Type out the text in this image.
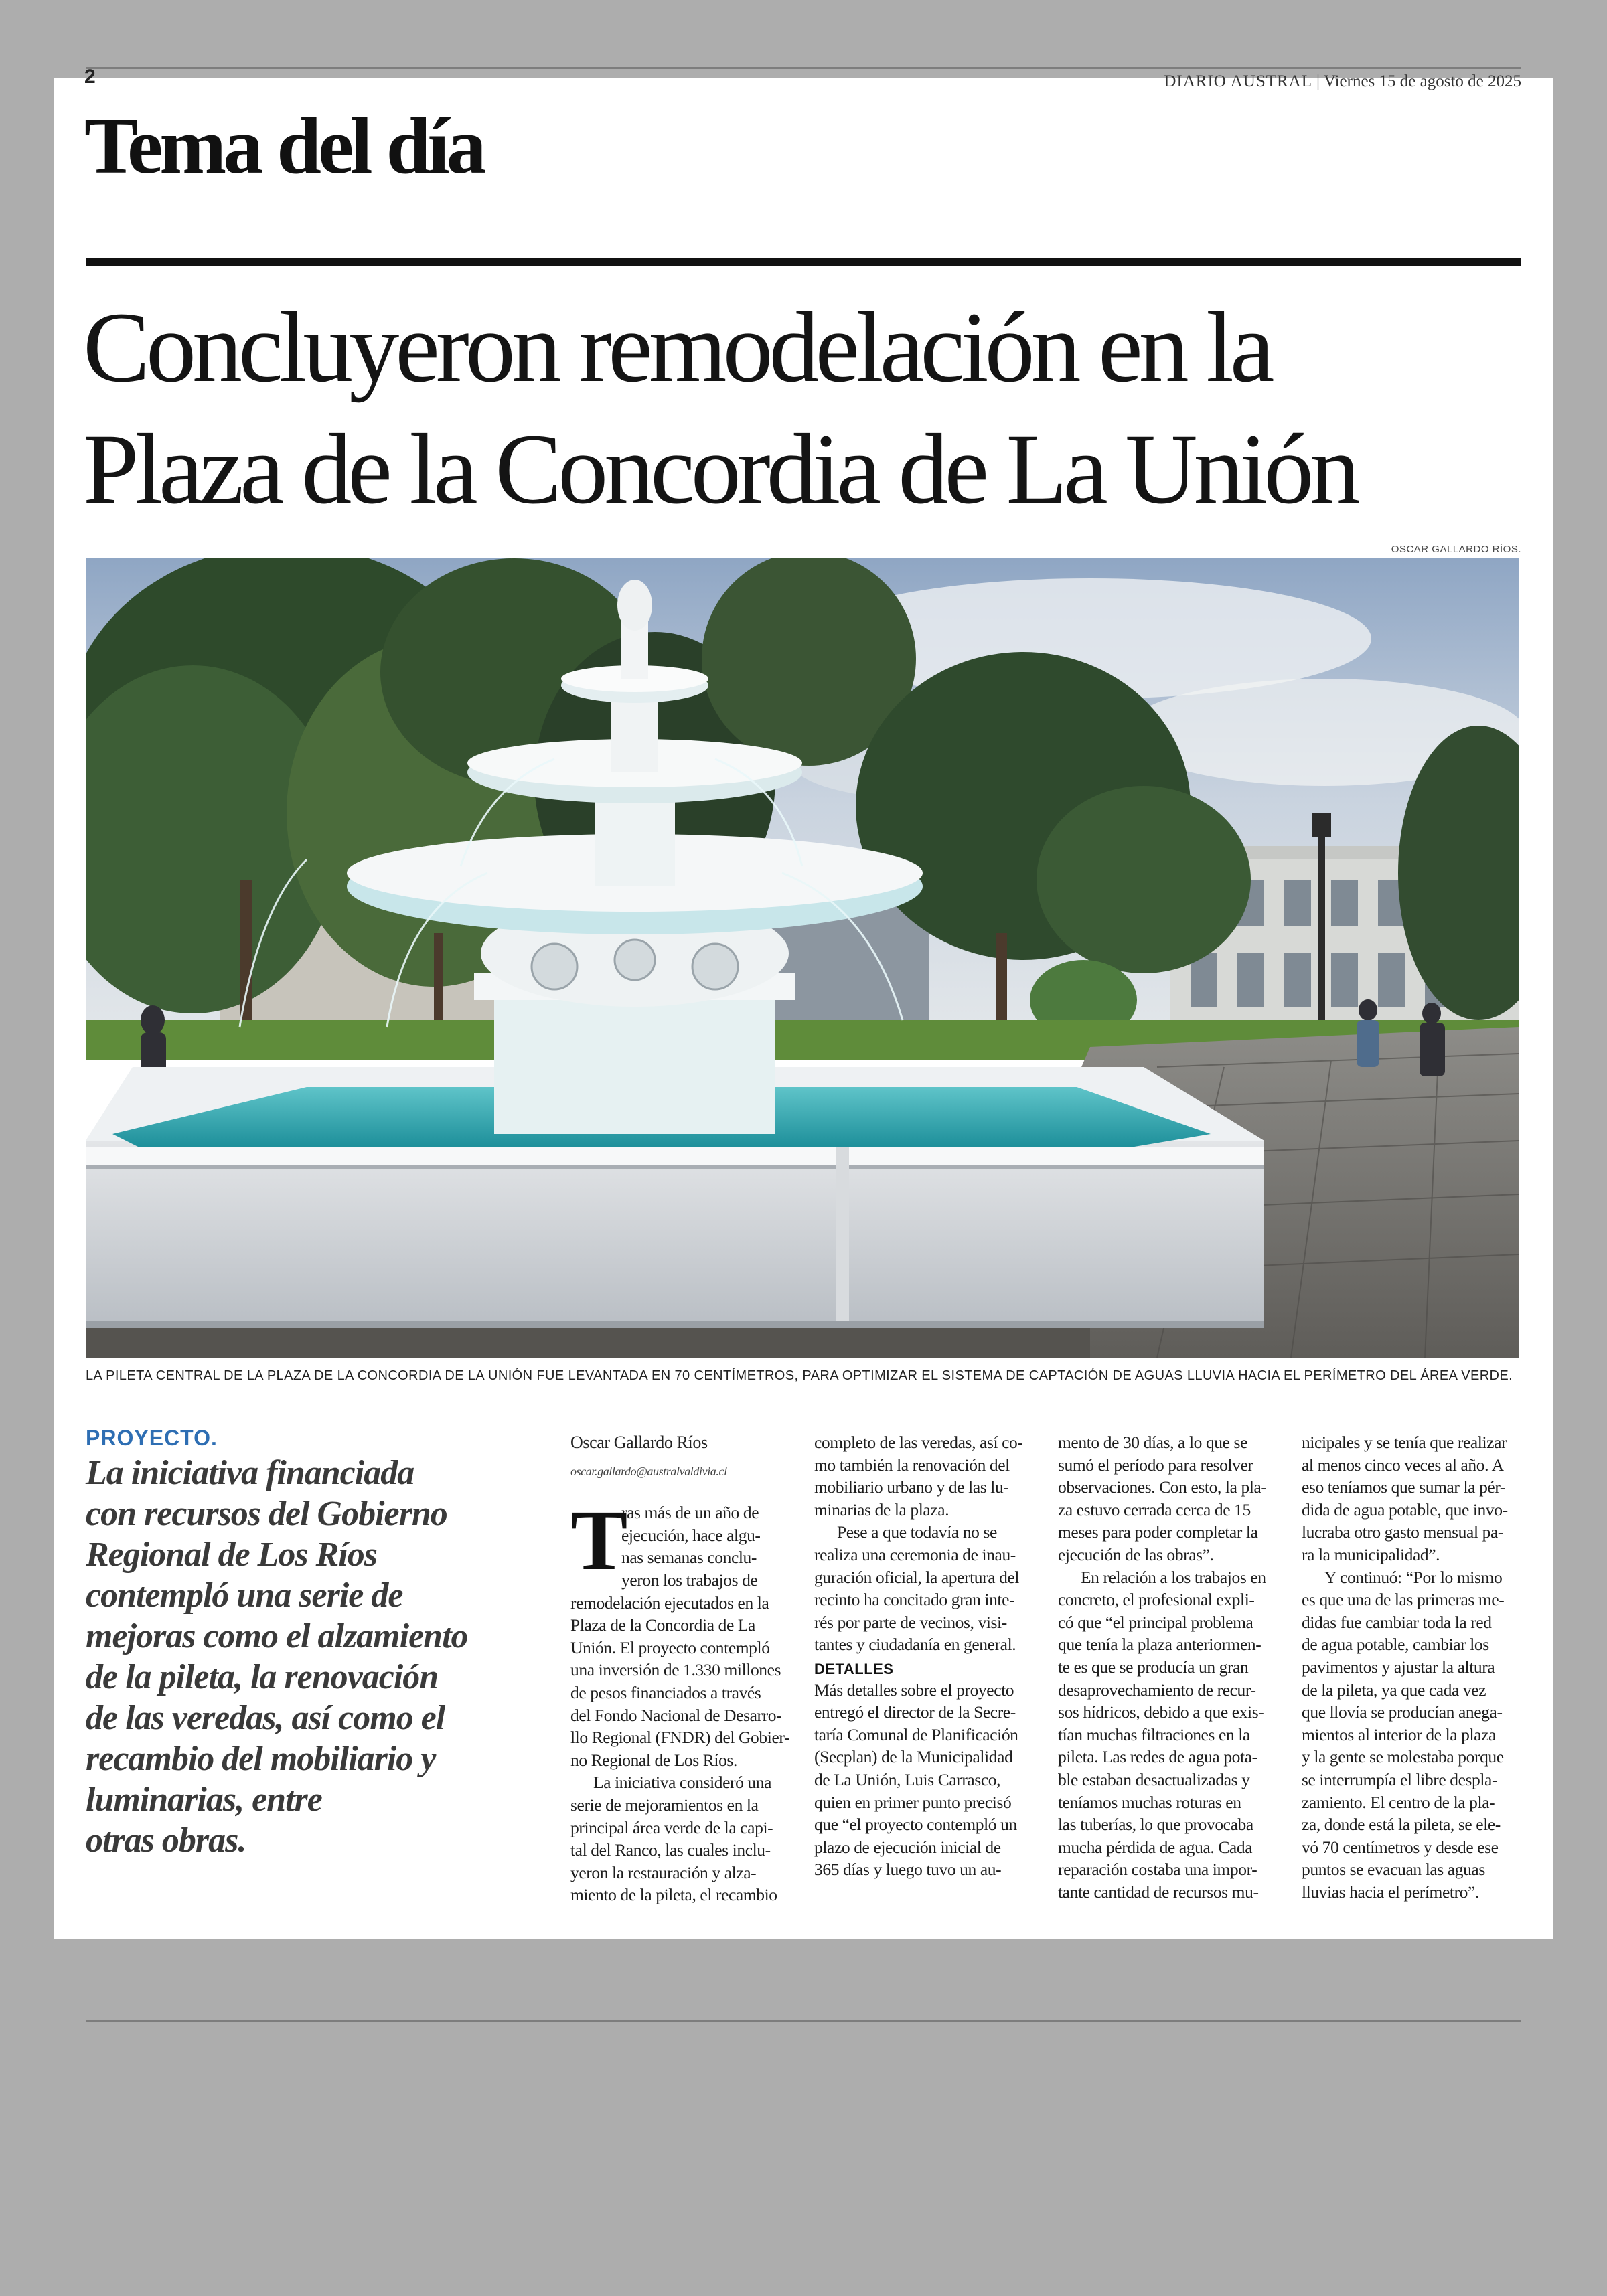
2	DIARIO AUSTRAL | Viernes 15 de agosto de 2025
Tema del día
Concluyeron remodelación en la
Plaza de la Concordia de La Unión
OSCAR GALLARDO RÍOS.
LA PILETA CENTRAL DE LA PLAZA DE LA CONCORDIA DE LA UNIÓN FUE LEVANTADA EN 70 CENTÍMETROS, PARA OPTIMIZAR EL SISTEMA DE CAPTACIÓN DE AGUAS LLUVIA HACIA EL PERÍMETRO DEL ÁREA VERDE.
PROYECTO.
La iniciativa financiada
con recursos del Gobierno
Regional de Los Ríos
contempló una serie de
mejoras como el alzamiento
de la pileta, la renovación
de las veredas, así como el
recambio del mobiliario y
luminarias, entre
otras obras.
Oscar Gallardo Ríos
oscar.gallardo@australvaldivia.cl
T
ras más de un año de
ejecución, hace algu-
nas semanas conclu-
yeron los trabajos de
remodelación ejecutados en la
Plaza de la Concordia de La
Unión. El proyecto contempló
una inversión de 1.330 millones
de pesos financiados a través
del Fondo Nacional de Desarro-
llo Regional (FNDR) del Gobier-
no Regional de Los Ríos.
La iniciativa consideró una
serie de mejoramientos en la
principal área verde de la capi-
tal del Ranco, las cuales inclu-
yeron la restauración y alza-
miento de la pileta, el recambio
completo de las veredas, así co-
mo también la renovación del
mobiliario urbano y de las lu-
minarias de la plaza.
Pese a que todavía no se
realiza una ceremonia de inau-
guración oficial, la apertura del
recinto ha concitado gran inte-
rés por parte de vecinos, visi-
tantes y ciudadanía en general.
DETALLES
Más detalles sobre el proyecto
entregó el director de la Secre-
taría Comunal de Planificación
(Secplan) de la Municipalidad
de La Unión, Luis Carrasco,
quien en primer punto precisó
que “el proyecto contempló un
plazo de ejecución inicial de
365 días y luego tuvo un au-
mento de 30 días, a lo que se
sumó el período para resolver
observaciones. Con esto, la pla-
za estuvo cerrada cerca de 15
meses para poder completar la
ejecución de las obras”.
En relación a los trabajos en
concreto, el profesional expli-
có que “el principal problema
que tenía la plaza anteriormen-
te es que se producía un gran
desaprovechamiento de recur-
sos hídricos, debido a que exis-
tían muchas filtraciones en la
pileta. Las redes de agua pota-
ble estaban desactualizadas y
teníamos muchas roturas en
las tuberías, lo que provocaba
mucha pérdida de agua. Cada
reparación costaba una impor-
tante cantidad de recursos mu-
nicipales y se tenía que realizar
al menos cinco veces al año. A
eso teníamos que sumar la pér-
dida de agua potable, que invo-
lucraba otro gasto mensual pa-
ra la municipalidad”.
Y continuó: “Por lo mismo
es que una de las primeras me-
didas fue cambiar toda la red
de agua potable, cambiar los
pavimentos y ajustar la altura
de la pileta, ya que cada vez
que llovía se producían anega-
mientos al interior de la plaza
y la gente se molestaba porque
se interrumpía el libre despla-
zamiento. El centro de la pla-
za, donde está la pileta, se ele-
vó 70 centímetros y desde ese
puntos se evacuan las aguas
lluvias hacia el perímetro”.
